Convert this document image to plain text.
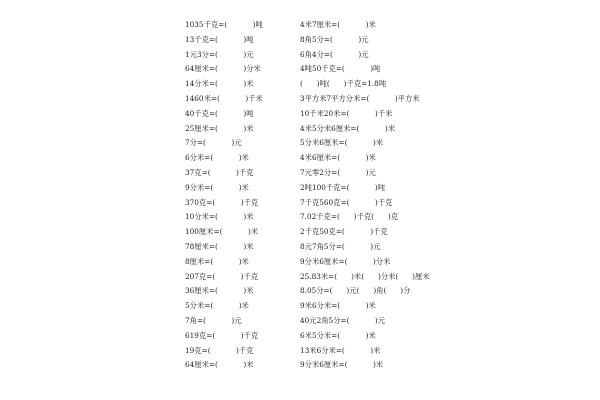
1035千克=(           )吨
13千克=(           )吨
1元3分=(           )元
64厘米=(           )分米
14分米=(           )米
1460米=(           )千米
40千克=(           )吨
25厘米=(           )米
7分=(           )元
6分米=(           )米
37克=(           )千克
9分米=(           )米
370克=(           )千克
10分米=(           )米
100厘米=(           )米
78厘米=(           )米
8厘米=(           )米
207克=(           )千克
36厘米=(           )米
5分米=(           )米
7角=(           )元
619克=(           )千克
19克=(           )千克
64厘米=(           )米
4米7厘米=(           )米
8角5分=(           )元
6角4分=(           )元
4吨50千克=(           )吨
(      )吨(      )千克=1.8吨
3平方米7平方分米=(           )平方米
10千米20米=(           )千米
4米5分米6厘米=(           )米
5分米6厘米=(           )米
4米6厘米=(           )米
7元零2分=(           )元
2吨100千克=(           )吨
7千克560克=(           )千克
7.02千克=(      )千克(      )克
2千克50克=(           )千克
8元7角5分=(           )元
9分米6厘米=(           )分米
25.83米=(      )米(      )分米(      )厘米
8.05分=(      )元(      )角(      )分
9米6分米=(           )米
40元2角5分=(           )元
6米5分米=(           )米
13米6分米=(           )米
9分米6厘米=(           )米
